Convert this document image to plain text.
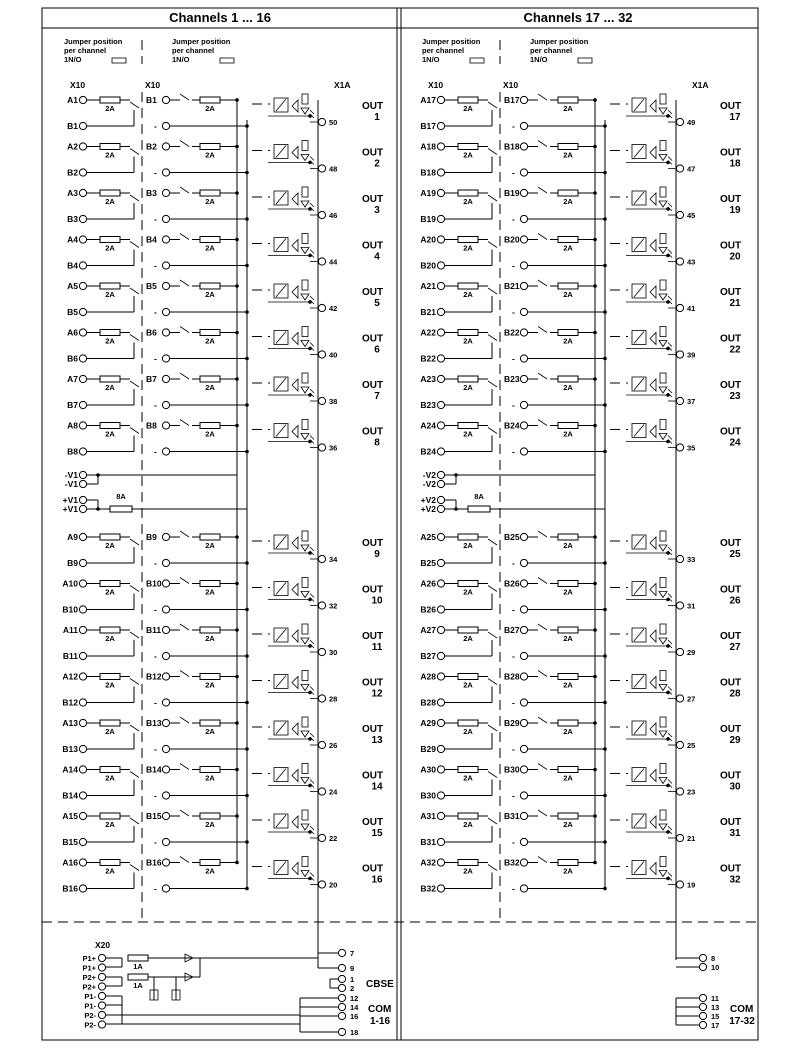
Channels 1 ... 16	Channels 17 ... 32
Jumper position
per channel
1N/O
Jumper position
per channel
1N/O
X10	X10	X1A
A1
2A
B1
B1
2A
-	50
OUT
1
A2
2A
B2
B2
2A
-	48
OUT
2
A3
2A
B3
B3
2A
-	46
OUT
3
A4
2A
B4
B4
2A
-	44
OUT
4
A5
2A
B5
B5
2A
-	42
OUT
5
A6
2A
B6
B6
2A
-	40
OUT
6
A7
2A
B7
B7
2A
-	38
OUT
7
A8
2A
B8
B8
2A
-	36
OUT
8
A9
2A
B9
B9
2A
-	34
OUT
9
A10
2A
B10
B10
2A
-	32
OUT
10
A11
2A
B11
B11
2A
-	30
OUT
11
A12
2A
B12
B12
2A
-	28
OUT
12
A13
2A
B13
B13
2A
-	26
OUT
13
A14
2A
B14
B14
2A
-	24
OUT
14
A15
2A
B15
B15
2A
-	22
OUT
15
A16
2A
B16
B16
2A
-	20
OUT
16
-V1
-V1
+V1
+V1
8A
Jumper position
per channel
1N/O
Jumper position
per channel
1N/O
X10	X10	X1A
A17
2A
B17
B17
2A
-	49
OUT
17
A18
2A
B18
B18
2A
-	47
OUT
18
A19
2A
B19
B19
2A
-	45
OUT
19
A20
2A
B20
B20
2A
-	43
OUT
20
A21
2A
B21
B21
2A
-	41
OUT
21
A22
2A
B22
B22
2A
-	39
OUT
22
A23
2A
B23
B23
2A
-	37
OUT
23
A24
2A
B24
B24
2A
-	35
OUT
24
A25
2A
B25
B25
2A
-	33
OUT
25
A26
2A
B26
B26
2A
-	31
OUT
26
A27
2A
B27
B27
2A
-	29
OUT
27
A28
2A
B28
B28
2A
-	27
OUT
28
A29
2A
B29
B29
2A
-	25
OUT
29
A30
2A
B30
B30
2A
-	23
OUT
30
A31
2A
B31
B31
2A
-	21
OUT
31
A32
2A
B32
B32
2A
-	19
OUT
32
-V2
-V2
+V2
+V2
8A
X20
P1+
P1+
P2+
P2+
P1-
P1-
P2-
P2-
1A
1A
7
9
1
2
12
14
16
18
CBSE
COM
1-16
8
10
11
13
15
17
COM
17-32
